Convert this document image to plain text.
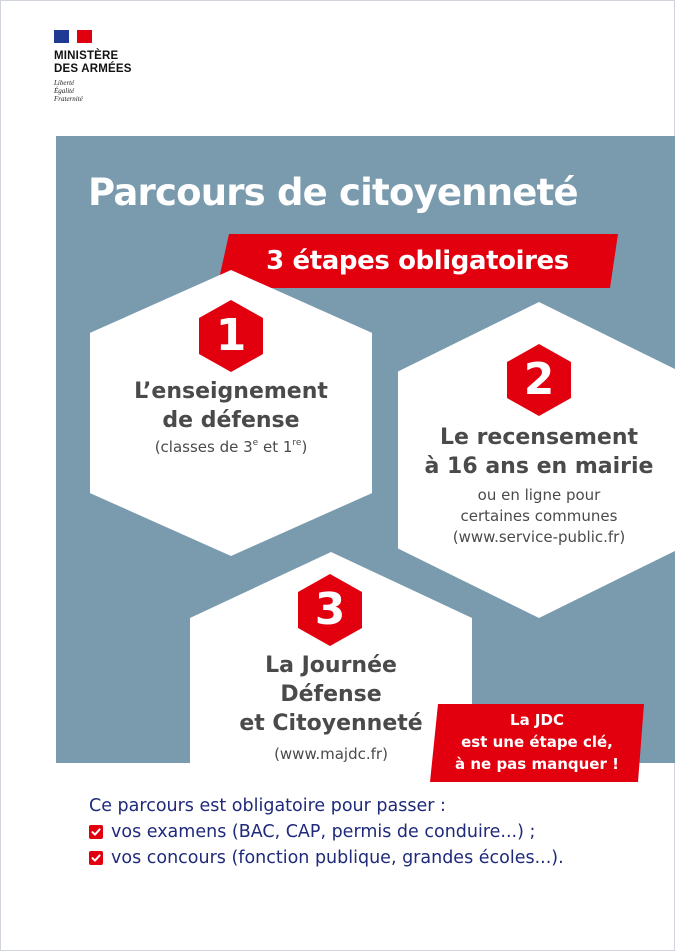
MINISTÈRE
DES ARMÉES
Liberté
Égalité
Fraternité
Parcours de citoyenneté
3 étapes obligatoires
1
L’enseignement
de défense
(classes de 3e et 1re)
2
Le recensement
à 16 ans en mairie
ou en ligne pour
certaines communes
(www.service-public.fr)
3
La Journée
Défense
et Citoyenneté
(www.majdc.fr)
La JDC
est une étape clé,
à ne pas manquer !
Ce parcours est obligatoire pour passer :
vos examens (BAC, CAP, permis de conduire...) ;
vos concours (fonction publique, grandes écoles...).
